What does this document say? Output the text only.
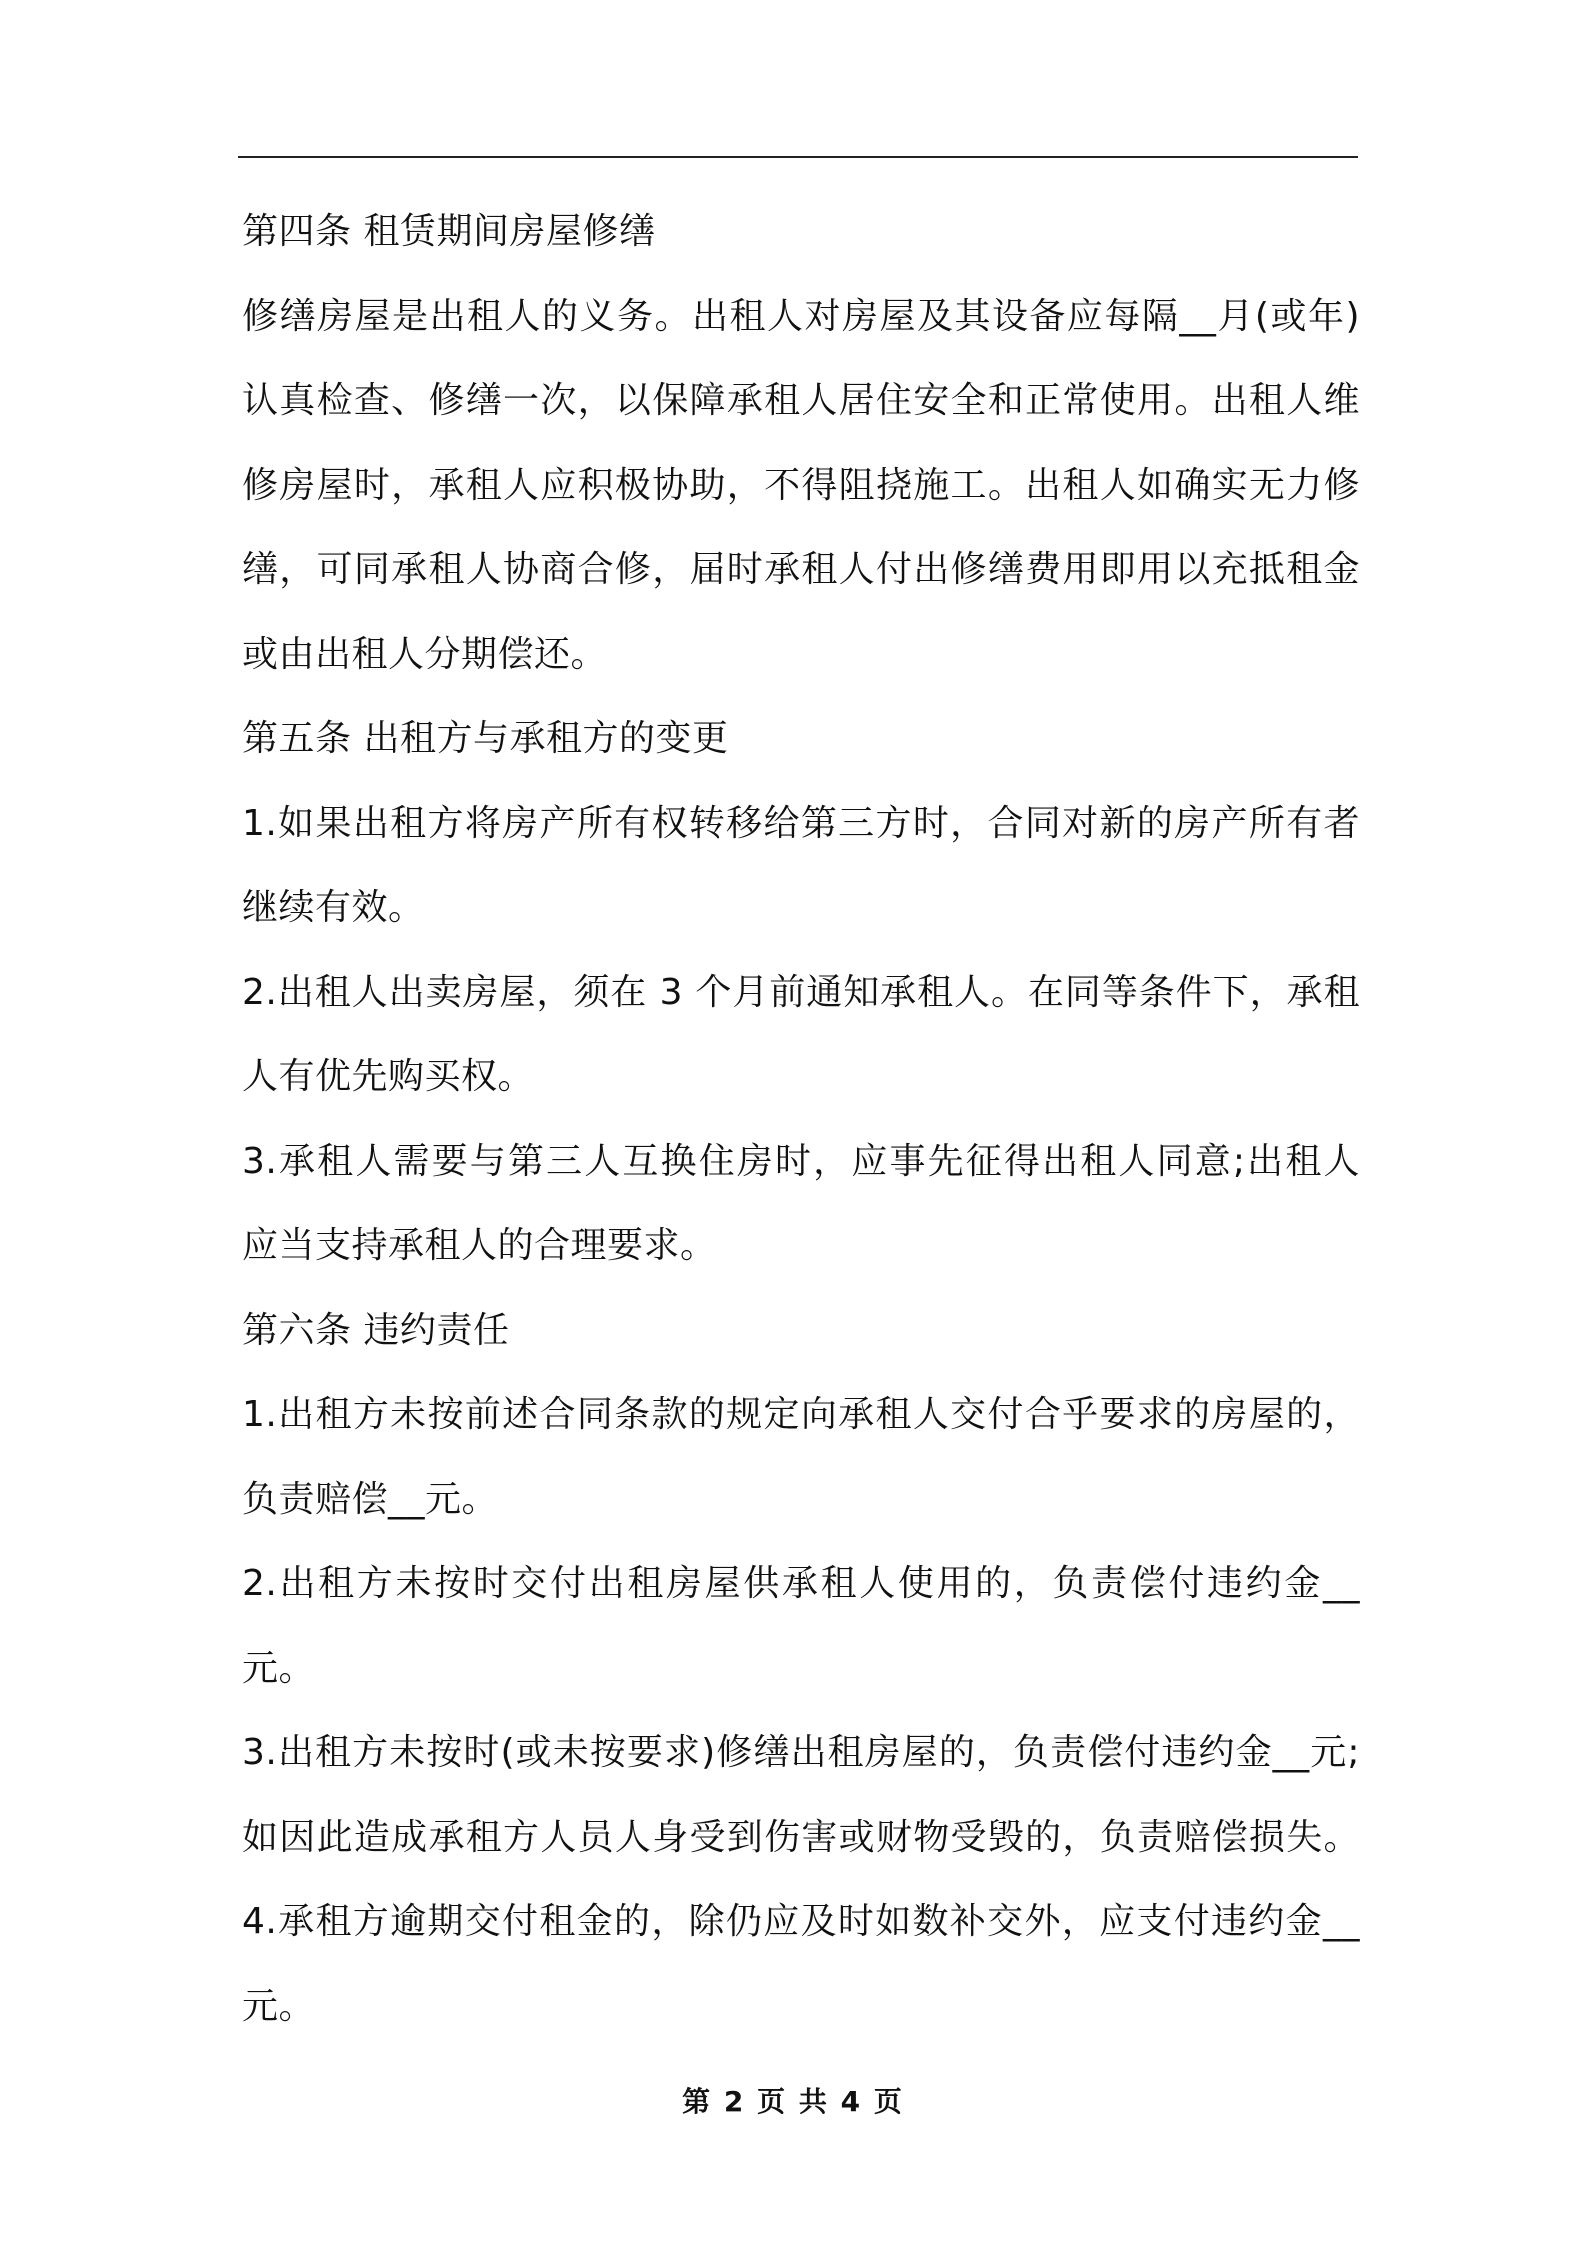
第四条 租赁期间房屋修缮
修缮房屋是出租人的义务。出租人对房屋及其设备应每隔__月(或年)
认真检查、修缮一次，以保障承租人居住安全和正常使用。出租人维
修房屋时，承租人应积极协助，不得阻挠施工。出租人如确实无力修
缮，可同承租人协商合修，届时承租人付出修缮费用即用以充抵租金
或由出租人分期偿还。
第五条 出租方与承租方的变更
1.如果出租方将房产所有权转移给第三方时，合同对新的房产所有者
继续有效。
2.出租人出卖房屋，须在 3 个月前通知承租人。在同等条件下，承租
人有优先购买权。
3.承租人需要与第三人互换住房时，应事先征得出租人同意;出租人
应当支持承租人的合理要求。
第六条 违约责任
1.出租方未按前述合同条款的规定向承租人交付合乎要求的房屋的，
负责赔偿__元。
2.出租方未按时交付出租房屋供承租人使用的，负责偿付违约金__
元。
3.出租方未按时(或未按要求)修缮出租房屋的，负责偿付违约金__元;
如因此造成承租方人员人身受到伤害或财物受毁的，负责赔偿损失。
4.承租方逾期交付租金的，除仍应及时如数补交外，应支付违约金__
元。
第 2 页 共 4 页
